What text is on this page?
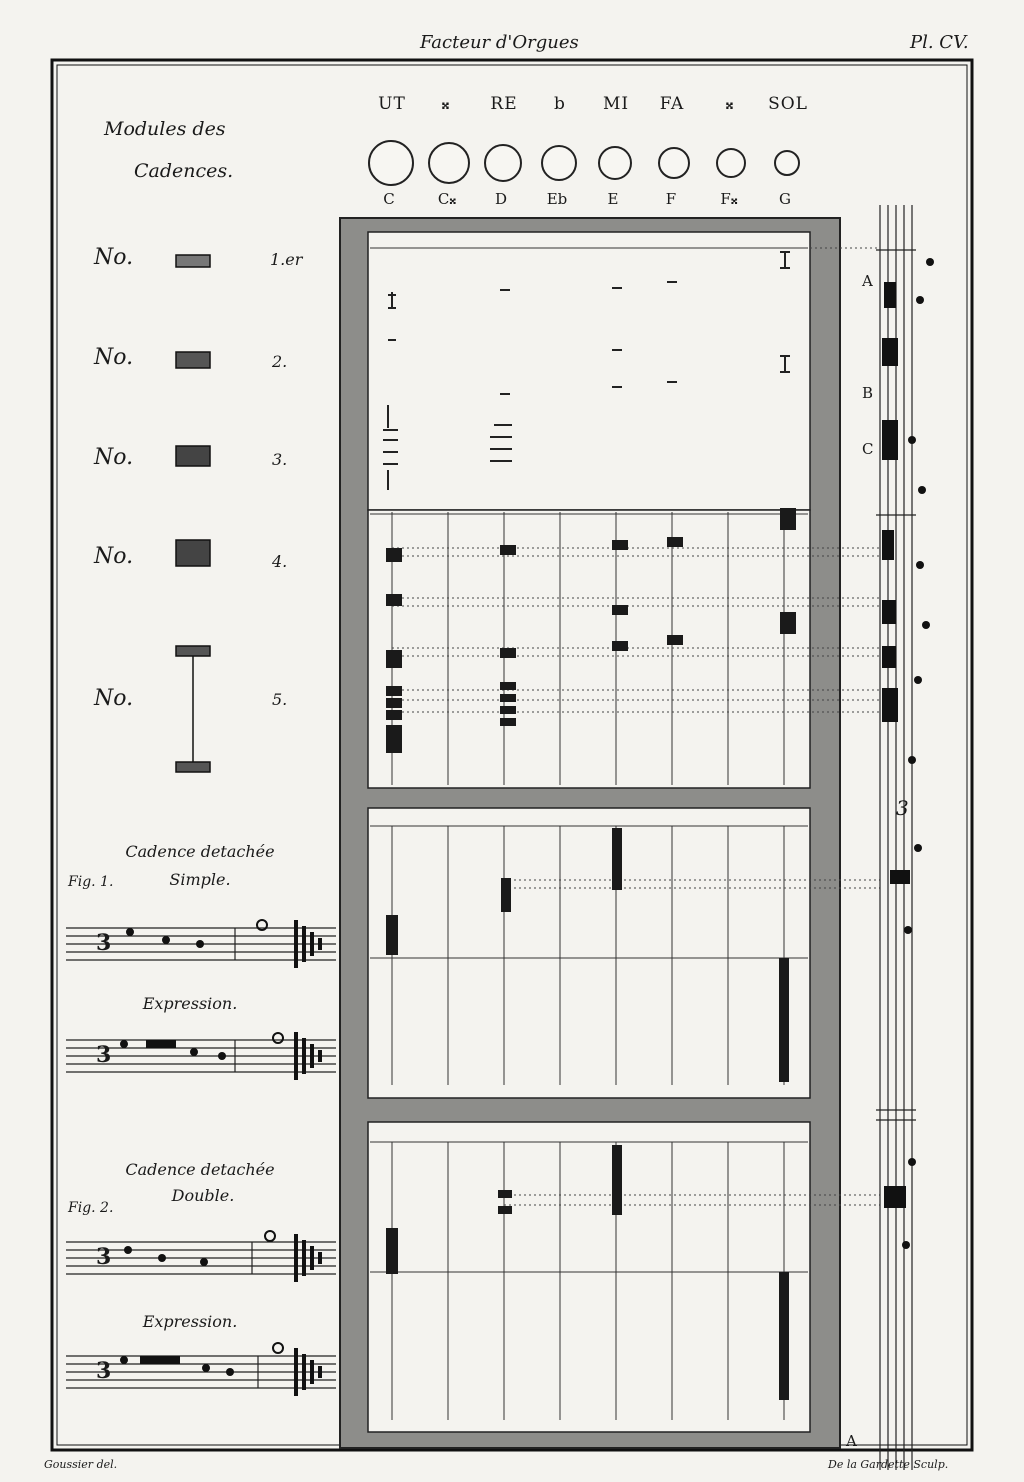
Facteur d'Orgues	Pl. CV.
Modules des
Cadences.
No.	1.er
No.	2.
No.	3.
No.	4.
No.	5.
UT	𝄪	RE	b	MI	FA	𝄪	SOL
C	C𝄪	D	Eb	E	F	F𝄪	G
A
B
C
A
Cadence detachée
Fig. 1.	Simple.
3
Expression.
3
Cadence detachée
Fig. 2.
Double.
3
Expression.
3
3
Goussier del.	De la Gardette Sculp.
